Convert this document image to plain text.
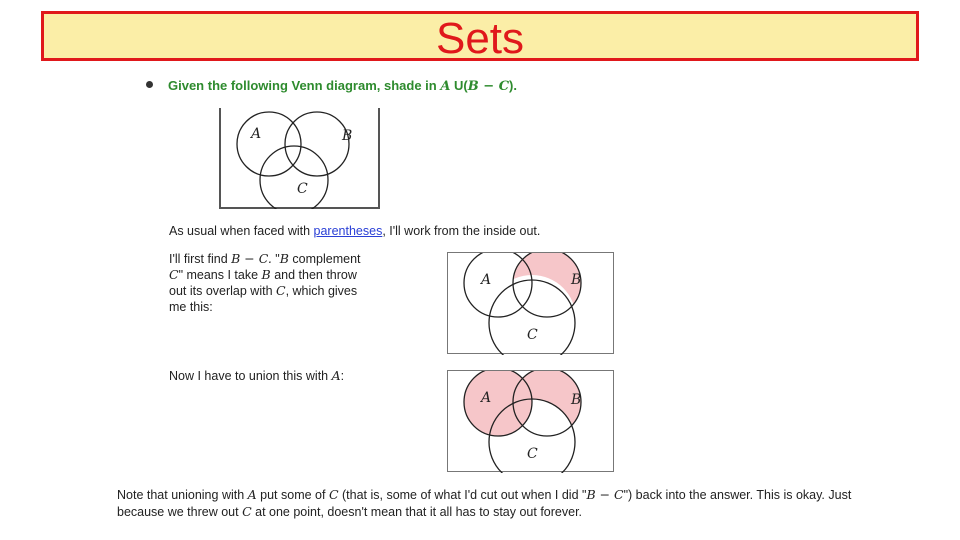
Sets
Given the following Venn diagram, shade in A U(B − C).
A	B
C
As usual when faced with parentheses, I'll work from the inside out.
I'll first find B − C. "B complement
C" means I take B and then throw
out its overlap with C, which gives
me this:
A	B
C
Now I have to union this with A:
A	B
C
Note that unioning with A put some of C (that is, some of what I'd cut out when I did "B − C") back into the answer. This is okay. Just because we threw out C at one point, doesn't mean that it all has to stay out forever.
